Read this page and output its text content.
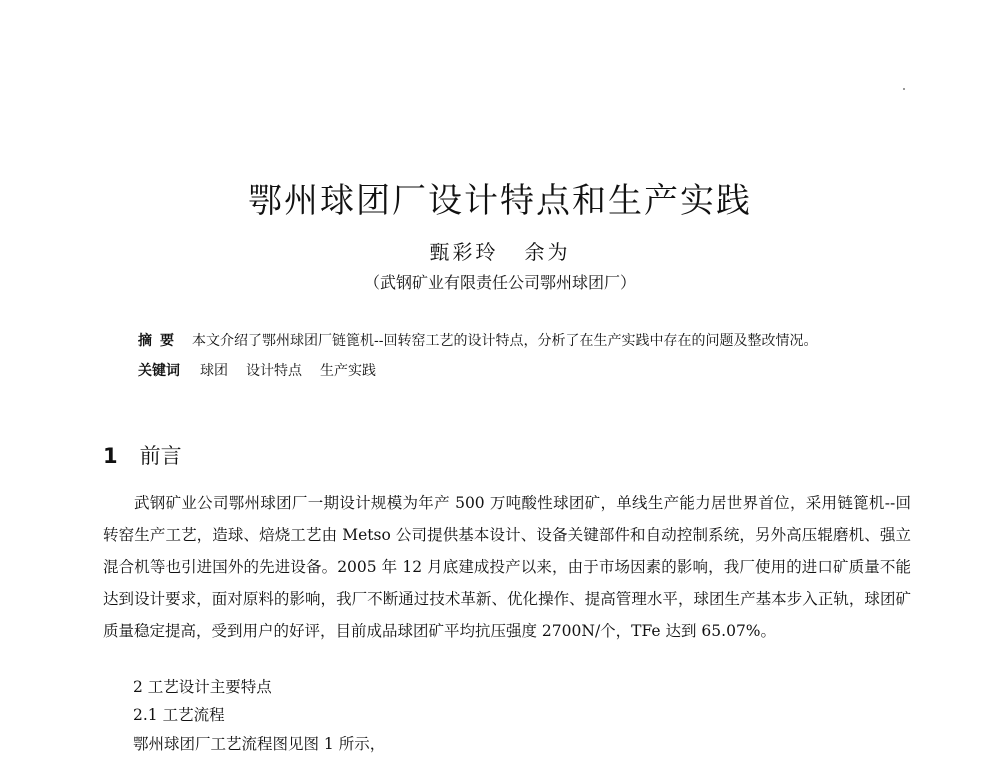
鄂州球团厂设计特点和生产实践
甄彩玲 余为
（武钢矿业有限责任公司鄂州球团厂）
摘要 本文介绍了鄂州球团厂链篦机--回转窑工艺的设计特点，分析了在生产实践中存在的问题及整改情况。
关键词 球团 设计特点 生产实践
1 前言

武钢矿业公司鄂州球团厂一期设计规模为年产 500 万吨酸性球团矿，单线生产能力居世界首位，采用链篦机--回转窑生产工艺，造球、焙烧工艺由 Metso 公司提供基本设计、设备关键部件和自动控制系统，另外高压辊磨机、强立混合机等也引进国外的先进设备。2005 年 12 月底建成投产以来，由于市场因素的影响，我厂使用的进口矿质量不能达到设计要求，面对原料的影响，我厂不断通过技术革新、优化操作、提高管理水平，球团生产基本步入正轨，球团矿质量稳定提高，受到用户的好评，目前成品球团矿平均抗压强度 2700N/个，TFe 达到 65.07%。

2 工艺设计主要特点
2.1 工艺流程
鄂州球团厂工艺流程图见图 1 所示，
